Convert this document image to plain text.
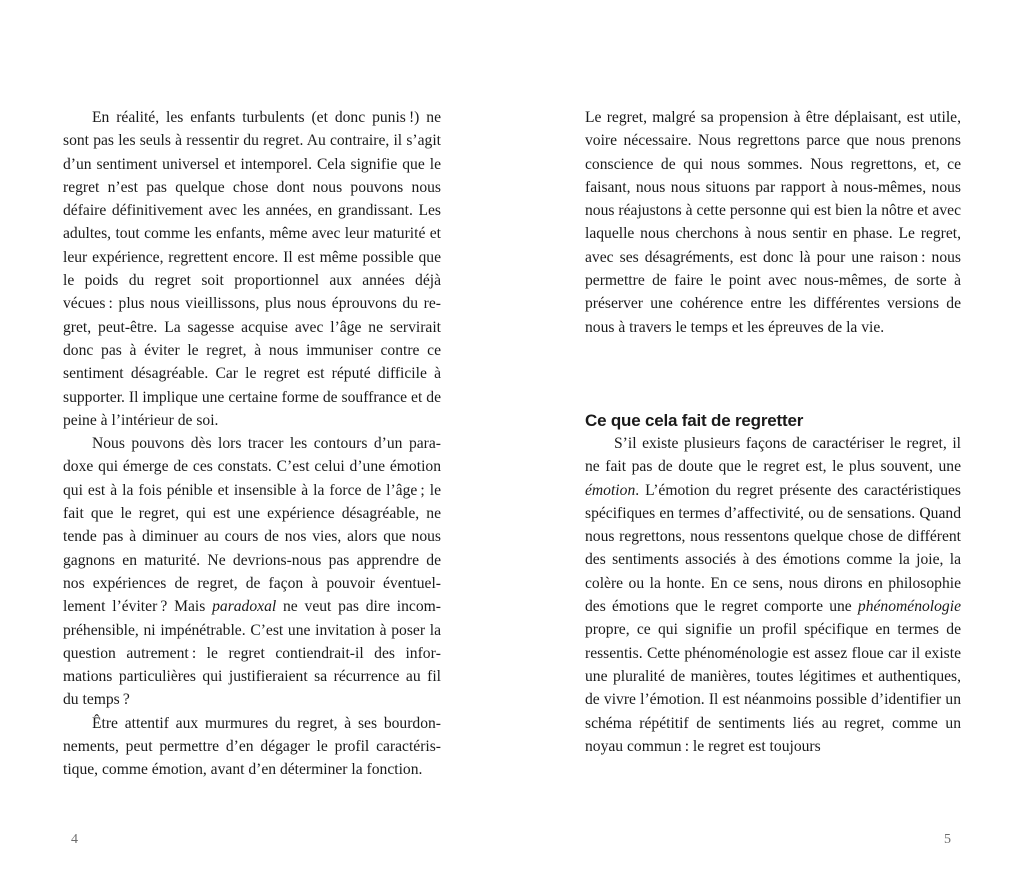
En réalité, les enfants turbulents (et donc punis !) ne sont pas les seuls à ressentir du regret. Au contraire, il s’agit d’un sentiment universel et intemporel. Cela signifie que le regret n’est pas quelque chose dont nous pouvons nous défaire définitivement avec les années, en grandissant. Les adultes, tout comme les enfants, même avec leur maturité et leur expérience, regrettent encore. Il est même possible que le poids du regret soit proportionnel aux années déjà vécues : plus nous vieillissons, plus nous éprouvons du regret, peut-être. La sagesse acquise avec l’âge ne servirait donc pas à éviter le regret, à nous immuniser contre ce sentiment désagréable. Car le regret est réputé difficile à supporter. Il implique une certaine forme de souffrance et de peine à l’intérieur de soi.

Nous pouvons dès lors tracer les contours d’un paradoxe qui émerge de ces constats. C’est celui d’une émotion qui est à la fois pénible et insensible à la force de l’âge ; le fait que le regret, qui est une expérience désagréable, ne tende pas à diminuer au cours de nos vies, alors que nous gagnons en maturité. Ne devrions-nous pas apprendre de nos expériences de regret, de façon à pouvoir éventuellement l’éviter ? Mais paradoxal ne veut pas dire incompréhensible, ni impénétrable. C’est une invitation à poser la question autrement : le regret contiendrait-il des informations particulières qui justifieraient sa récurrence au fil du temps ?

Être attentif aux murmures du regret, à ses bourdonnements, peut permettre d’en dégager le profil caractéristique, comme émotion, avant d’en déterminer la fonction.

4

Le regret, malgré sa propension à être déplaisant, est utile, voire nécessaire. Nous regrettons parce que nous prenons conscience de qui nous sommes. Nous regrettons, et, ce faisant, nous nous situons par rapport à nous-mêmes, nous nous réajustons à cette personne qui est bien la nôtre et avec laquelle nous cherchons à nous sentir en phase. Le regret, avec ses désagréments, est donc là pour une raison : nous permettre de faire le point avec nous-mêmes, de sorte à préserver une cohérence entre les différentes versions de nous à travers le temps et les épreuves de la vie.

Ce que cela fait de regretter

S’il existe plusieurs façons de caractériser le regret, il ne fait pas de doute que le regret est, le plus souvent, une émotion. L’émotion du regret présente des caractéristiques spécifiques en termes d’affectivité, ou de sensations. Quand nous regrettons, nous ressentons quelque chose de différent des sentiments associés à des émotions comme la joie, la colère ou la honte. En ce sens, nous dirons en philosophie des émotions que le regret comporte une phénoménologie propre, ce qui signifie un profil spécifique en termes de ressentis. Cette phénoménologie est assez floue car il existe une pluralité de manières, toutes légitimes et authentiques, de vivre l’émotion. Il est néanmoins possible d’identifier un schéma répétitif de sentiments liés au regret, comme un noyau commun : le regret est toujours

5
